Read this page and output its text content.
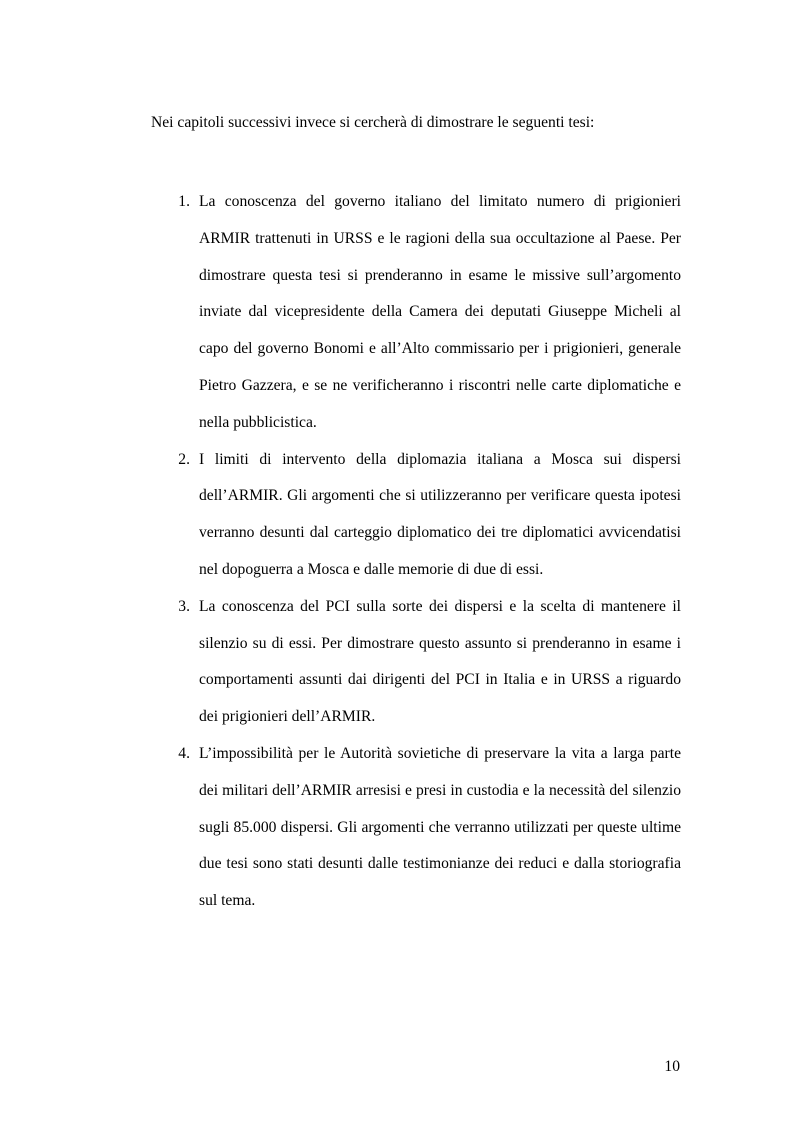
Nei capitoli successivi invece si cercherà di dimostrare le seguenti tesi:

1. La conoscenza del governo italiano del limitato numero di prigionieri ARMIR trattenuti in URSS e le ragioni della sua occultazione al Paese. Per dimostrare questa tesi si prenderanno in esame le missive sull’argomento inviate dal vicepresidente della Camera dei deputati Giuseppe Micheli al capo del governo Bonomi e all’Alto commissario per i prigionieri, generale Pietro Gazzera, e se ne verificheranno i riscontri nelle carte diplomatiche e nella pubblicistica.

2. I limiti di intervento della diplomazia italiana a Mosca sui dispersi dell’ARMIR. Gli argomenti che si utilizzeranno per verificare questa ipotesi verranno desunti dal carteggio diplomatico dei tre diplomatici avvicendatisi nel dopoguerra a Mosca e dalle memorie di due di essi.

3. La conoscenza del PCI sulla sorte dei dispersi e la scelta di mantenere il silenzio su di essi. Per dimostrare questo assunto si prenderanno in esame i comportamenti assunti dai dirigenti del PCI in Italia e in URSS a riguardo dei prigionieri dell’ARMIR.

4. L’impossibilità per le Autorità sovietiche di preservare la vita a larga parte dei militari dell’ARMIR arresisi e presi in custodia e la necessità del silenzio sugli 85.000 dispersi. Gli argomenti che verranno utilizzati per queste ultime due tesi sono stati desunti dalle testimonianze dei reduci e dalla storiografia sul tema.

10
